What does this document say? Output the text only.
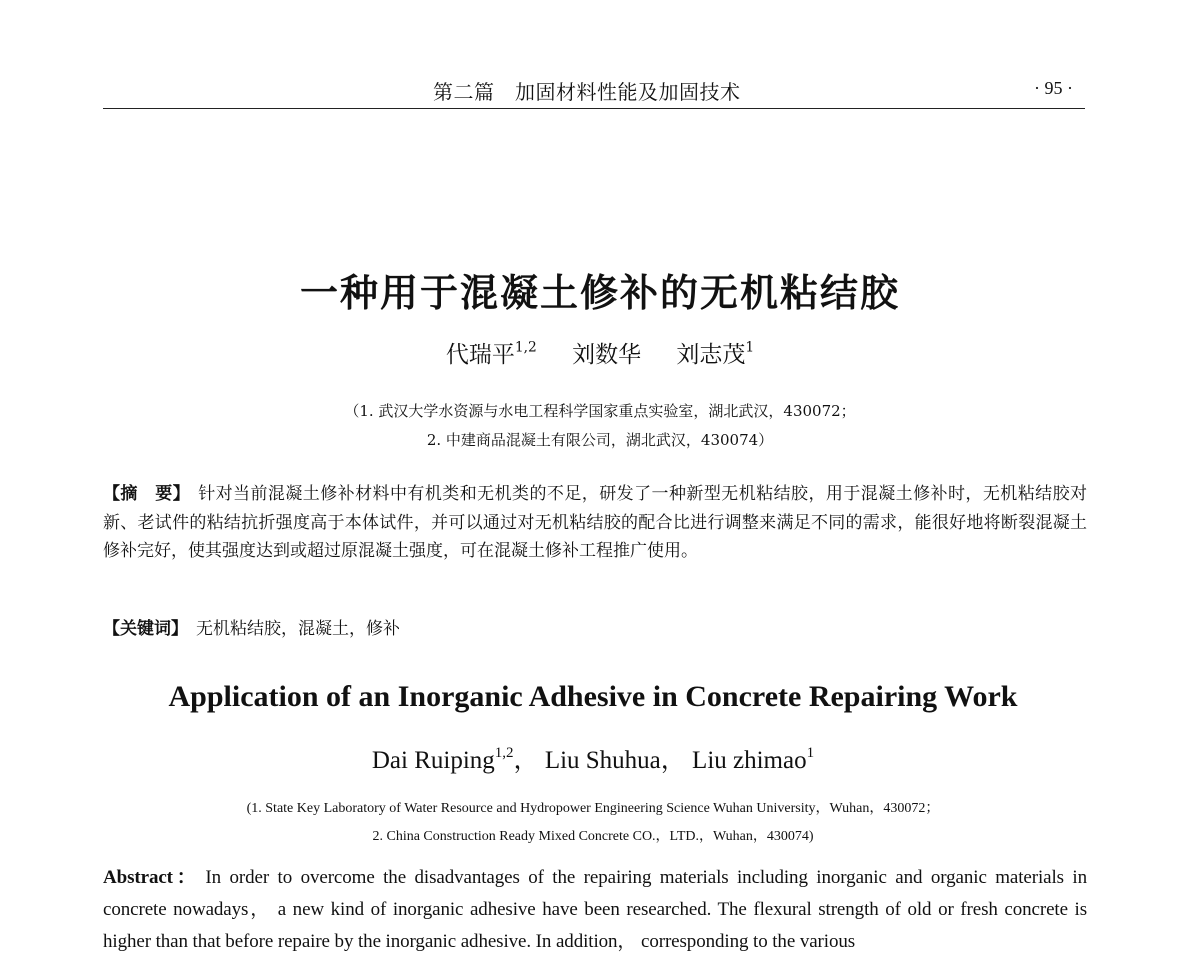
第二篇　加固材料性能及加固技术	· 95 ·
一种用于混凝土修补的无机粘结胶
代瑞平$^{1,2}$ 刘数华 刘志茂$^1$
（1. 武汉大学水资源与水电工程科学国家重点实验室，湖北武汉，430072；
2. 中建商品混凝土有限公司，湖北武汉，430074）
【摘　要】 针对当前混凝土修补材料中有机类和无机类的不足，研发了一种新型无机粘结胶，用于混凝土修补时，无机粘结胶对新、老试件的粘结抗折强度高于本体试件，并可以通过对无机粘结胶的配合比进行调整来满足不同的需求，能很好地将断裂混凝土修补完好，使其强度达到或超过原混凝土强度，可在混凝土修补工程推广使用。
【关键词】 无机粘结胶，混凝土，修补
Application of an Inorganic Adhesive in Concrete Repairing Work
Dai Ruiping$^{1,2}$， Liu Shuhua， Liu zhimao$^1$
(1. State Key Laboratory of Water Resource and Hydropower Engineering Science Wuhan University，Wuhan，430072；
2. China Construction Ready Mixed Concrete CO.，LTD.，Wuhan，430074)
Abstract： In order to overcome the disadvantages of the repairing materials including inorganic and organic materials in concrete nowadays， a new kind of inorganic adhesive have been researched. The flexural strength of old or fresh concrete is higher than that before repaire by the inorganic adhesive. In addition， corresponding to the various
